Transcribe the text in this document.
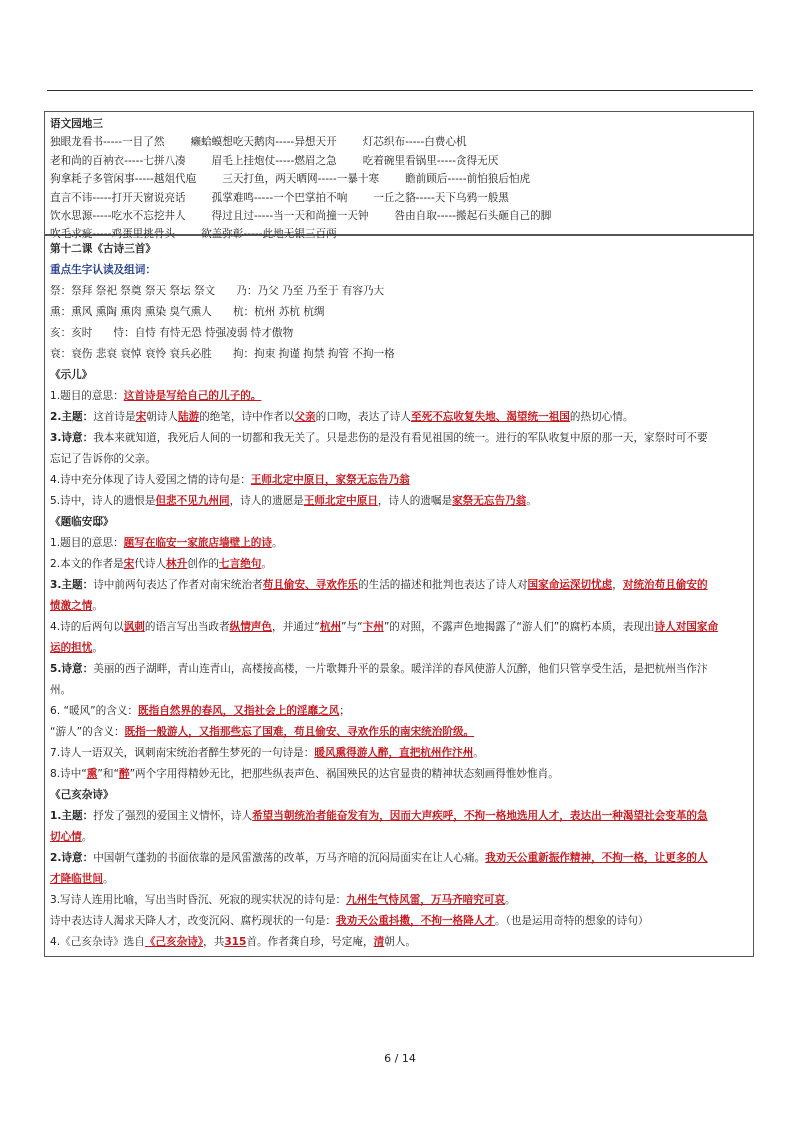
语文园地三
独眼龙看书-----一目了然 癞蛤蟆想吃天鹅肉-----异想天开 灯芯织布-----白费心机
老和尚的百衲衣-----七拼八凑 眉毛上挂炮仗-----燃眉之急 吃着碗里看锅里-----贪得无厌
狗拿耗子多管闲事-----越俎代庖 三天打鱼，两天晒网-----一暴十寒 瞻前顾后-----前怕狼后怕虎
直言不讳-----打开天窗说亮话 孤掌难鸣-----一个巴掌拍不响 一丘之貉-----天下乌鸦一般黑
饮水思源-----吃水不忘挖井人 得过且过-----当一天和尚撞一天钟 咎由自取-----搬起石头砸自己的脚
吹毛求疵-----鸡蛋里挑骨头 欲盖弥彰-----此地无银三百两
第十二课《古诗三首》
重点生字认读及组词：
祭：祭拜 祭祀 祭奠 祭天 祭坛 祭文　　乃：乃父 乃至 乃至于 有容乃大
熏：熏风 熏陶 熏肉 熏染 臭气熏人　　杭：杭州 苏杭 杭绸
亥：亥时　　恃：自恃 有恃无恐 恃强凌弱 恃才傲物
衰：衰伤 悲衰 衰悼 衰怜 衰兵必胜　　拘：拘束 拘谨 拘禁 拘管 不拘一格
《示儿》
1.题目的意思：这首诗是写给自己的儿子的。
2.主题：这首诗是宋朝诗人陆游的绝笔，诗中作者以父亲的口吻，表达了诗人至死不忘收复失地、渴望统一祖国的热切心情。
3.诗意：我本来就知道，我死后人间的一切都和我无关了。只是悲伤的是没有看见祖国的统一。进行的军队收复中原的那一天，家祭时可不要
忘记了告诉你的父亲。
4.诗中充分体现了诗人爱国之情的诗句是：王师北定中原日，家祭无忘告乃翁
5.诗中，诗人的遗恨是但悲不见九州同，诗人的遗愿是王师北定中原日，诗人的遗嘱是家祭无忘告乃翁。
《题临安邸》
1.题目的意思：题写在临安一家旅店墙壁上的诗。
2.本文的作者是宋代诗人林升创作的七言绝句。
3.主题：诗中前两句表达了作者对南宋统治者苟且偷安、寻欢作乐的生活的描述和批判也表达了诗人对国家命运深切忧虑，对统治苟且偷安的
愤激之情。
4.诗的后两句以讽刺的语言写出当政者纵情声色，并通过“杭州”与“卞州”的对照，不露声色地揭露了“游人们”的腐朽本质，表现出诗人对国家命
运的担忧。
5.诗意：美丽的西子湖畔，青山连青山，高楼接高楼，一片歌舞升平的景象。暖洋洋的春风使游人沉醉，他们只管享受生活，是把杭州当作汴
州。
6. “暖风”的含义：既指自然界的春风，又指社会上的淫靡之风；
“游人”的含义：既指一般游人，又指那些忘了国难，苟且偷安、寻欢作乐的南宋统治阶级。
7.诗人一语双关，讽刺南宋统治者醉生梦死的一句诗是：暖风熏得游人醉，直把杭州作汴州。
8.诗中“熏”和“醉”两个字用得精妙无比，把那些纵表声色、祸国殃民的达官显贵的精神状态刻画得惟妙惟肖。
《己亥杂诗》
1.主题：抒发了强烈的爱国主义情怀，诗人希望当朝统治者能奋发有为，因而大声疾呼，不拘一格地选用人才，表达出一种渴望社会变革的急
切心情。
2.诗意：中国朝气蓬勃的书面依靠的是风雷激荡的改革，万马齐喑的沉闷局面实在让人心痛。我劝天公重新振作精神，不拘一格，让更多的人
才降临世间。
3.写诗人连用比喻，写出当时昏沉、死寂的现实状况的诗句是：九州生气恃风雷，万马齐喑究可哀。
诗中表达诗人渴求天降人才，改变沉闷、腐朽现状的一句是：我劝天公重抖擞，不拘一格降人才。（也是运用奇特的想象的诗句）
4.《己亥杂诗》选自《己亥杂诗》，共315首。作者龚自珍，号定庵，清朝人。
6 / 14
